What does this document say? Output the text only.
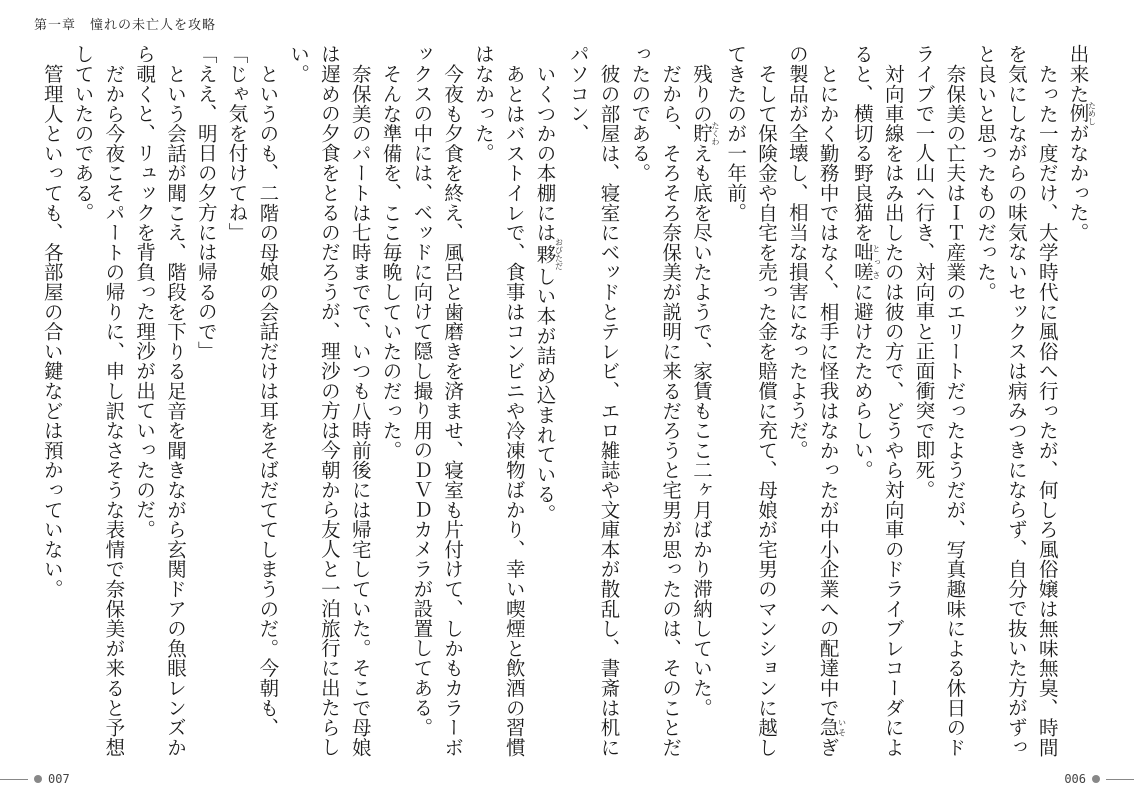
第一章　憧れの未亡人を攻略
いくつかの本棚には夥おびただしい本が詰め込まれている。
あとはバストイレで、食事はコンビニや冷凍物ばかり、幸い喫煙と飲酒の習慣はなかった。
今夜も夕食を終え、風呂と歯磨きを済ませ、寝室も片付けて、しかもカラーボックスの中には、ベッドに向けて隠し撮り用のＤＶＤカメラが設置してある。
そんな準備を、ここ毎晩していたのだった。
奈保美のパートは七時までで、いつも八時前後には帰宅していた。そこで母娘は遅めの夕食をとるのだろうが、理沙の方は今朝から友人と一泊旅行に出たらしい。
というのも、二階の母娘の会話だけは耳をそばだててしまうのだ。今朝も、
「じゃ気を付けてね」
「ええ、明日の夕方には帰るので」
という会話が聞こえ、階段を下りる足音を聞きながら玄関ドアの魚眼レンズから覗くと、リュックを背負った理沙が出ていったのだ。
だから今夜こそパートの帰りに、申し訳なさそうな表情で奈保美が来ると予想していたのである。
管理人といっても、各部屋の合い鍵などは預かっていない。
007
出来た例ためしがなかった。
たった一度だけ、大学時代に風俗へ行ったが、何しろ風俗嬢は無味無臭、時間を気にしながらの味気ないセックスは病みつきにならず、自分で抜いた方がずっと良いと思ったものだった。
奈保美の亡夫はＩＴ産業のエリートだったようだが、写真趣味による休日のドライブで一人山へ行き、対向車と正面衝突で即死。
対向車線をはみ出したのは彼の方で、どうやら対向車のドライブレコーダによると、横切る野良猫を咄嗟とっさに避けたためらしい。
とにかく勤務中ではなく、相手に怪我はなかったが中小企業への配達中で急いそぎの製品が全壊し、相当な損害になったようだ。
そして保険金や自宅を売った金を賠償に充て、母娘が宅男のマンションに越してきたのが一年前。
残りの貯たくわえも底を尽いたようで、家賃もここ二ヶ月ばかり滞納していた。
だから、そろそろ奈保美が説明に来るだろうと宅男が思ったのは、そのことだったのである。
彼の部屋は、寝室にベッドとテレビ、エロ雑誌や文庫本が散乱し、書斎は机にパソコン、
006
